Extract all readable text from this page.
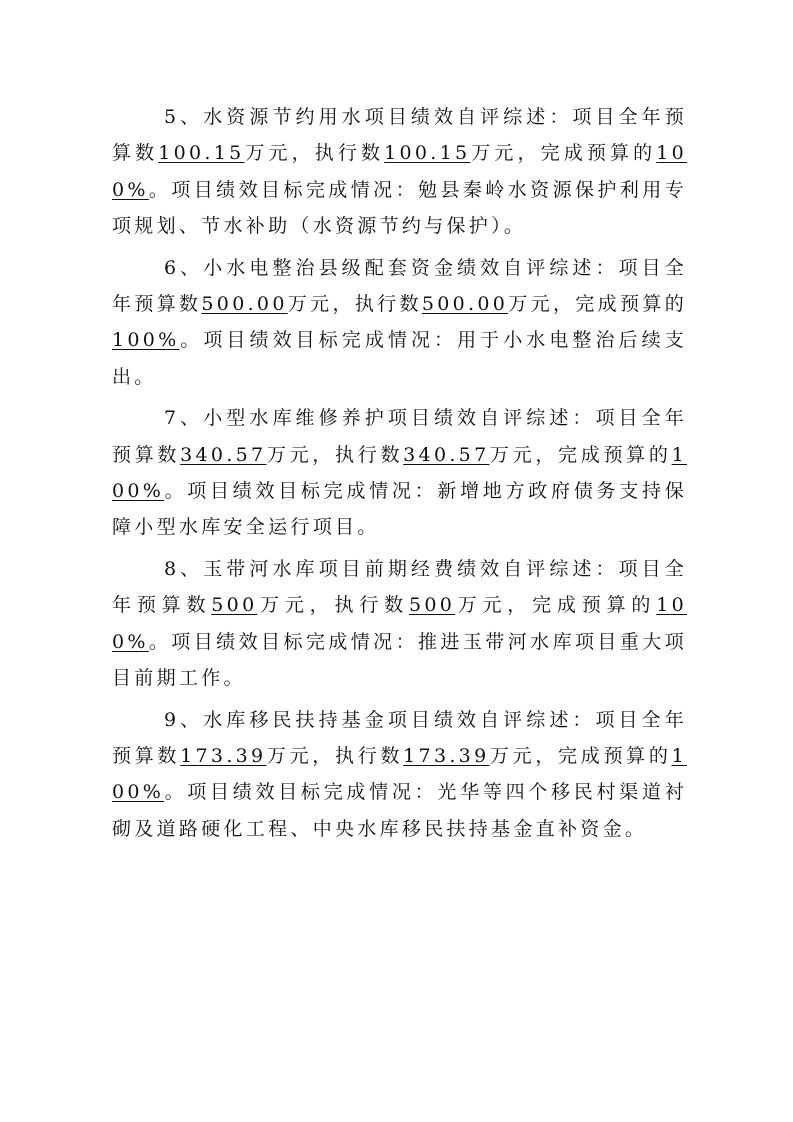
5、水资源节约用水项目绩效自评综述：项目全年预算数100.15万元，执行数100.15万元，完成预算的100%。项目绩效目标完成情况：勉县秦岭水资源保护利用专项规划、节水补助（水资源节约与保护）。

6、小水电整治县级配套资金绩效自评综述：项目全年预算数500.00万元，执行数500.00万元，完成预算的100%。项目绩效目标完成情况：用于小水电整治后续支出。

7、小型水库维修养护项目绩效自评综述：项目全年预算数340.57万元，执行数340.57万元，完成预算的100%。项目绩效目标完成情况：新增地方政府债务支持保障小型水库安全运行项目。

8、玉带河水库项目前期经费绩效自评综述：项目全年预算数500万元，执行数500万元，完成预算的100%。项目绩效目标完成情况：推进玉带河水库项目重大项目前期工作。

9、水库移民扶持基金项目绩效自评综述：项目全年预算数173.39万元，执行数173.39万元，完成预算的100%。项目绩效目标完成情况：光华等四个移民村渠道衬砌及道路硬化工程、中央水库移民扶持基金直补资金。
